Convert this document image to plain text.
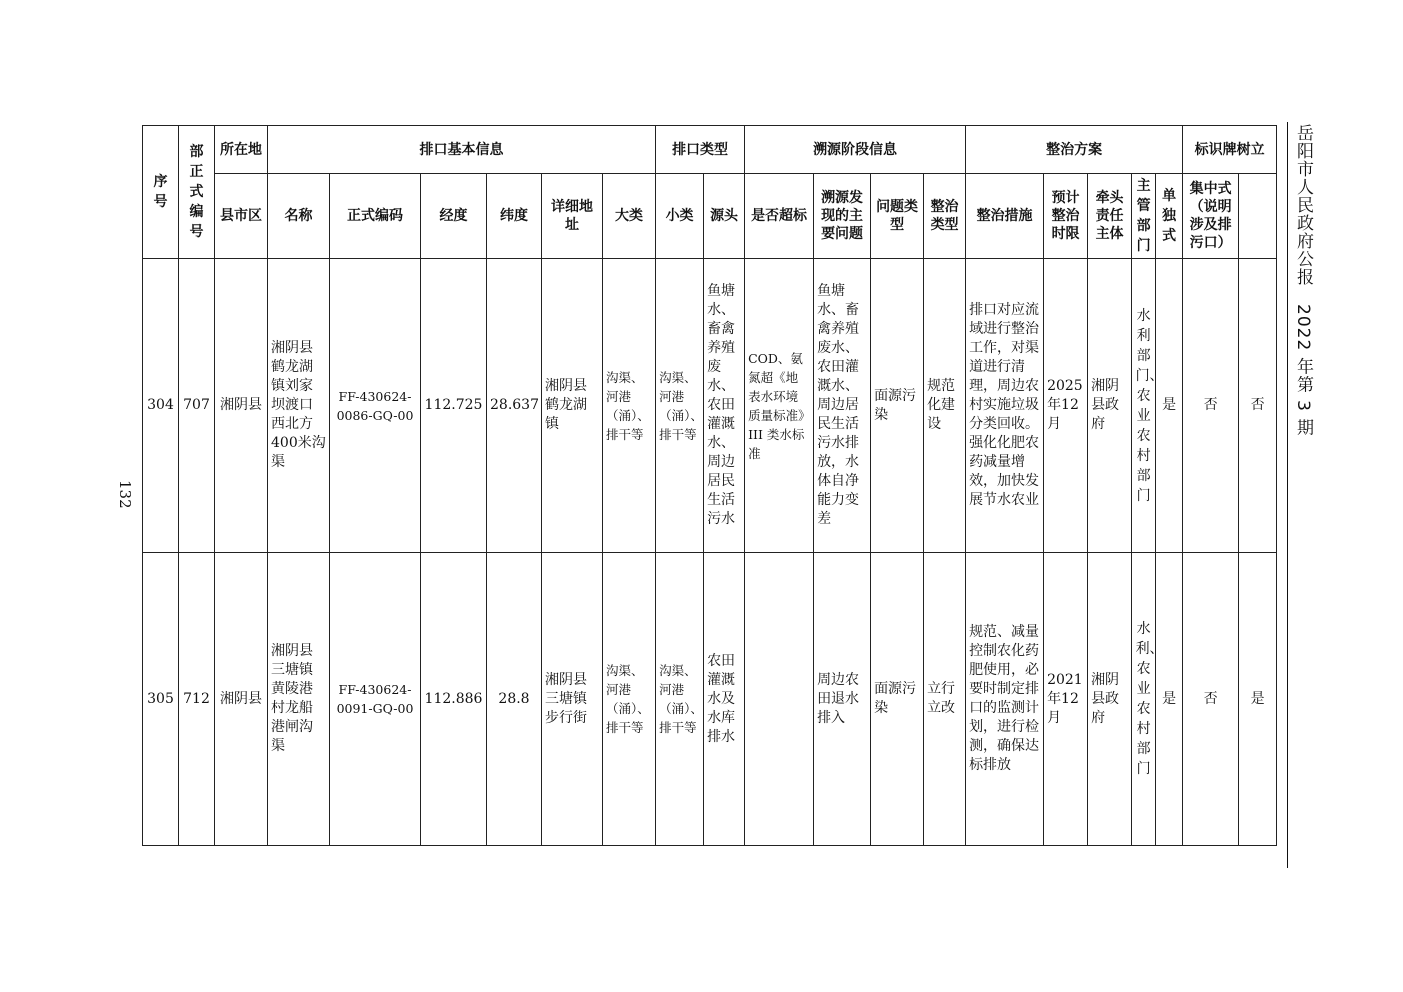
132
序号	部正式编号	所在地	排口基本信息						排口类型		溯源阶段信息				整治方案					标识牌树立	
		县市区	名称	正式编码	经度	纬度	详细地址	大类	小类	源头	是否超标	溯源发现的主要问题	问题类型	整治类型	整治措施	预计整治时限	牵头责任主体	主管部门	单独式	集中式（说明涉及排污口）		
304	707	湘阴县	湘阴县鹤龙湖镇刘家坝渡口西北方400米沟渠	FF-430624-0086-GQ-00	112.725	28.637	湘阴县鹤龙湖镇	沟渠、河港（涌）、排干等	沟渠、河港（涌）、排干等	鱼塘水、畜禽养殖废水、农田灌溉水、周边居民生活污水	COD、氨氮超《地表水环境质量标准》III 类水标准	鱼塘水、畜禽养殖废水、农田灌溉水、周边居民生活污水排放，水体自净能力变差	面源污染	规范化建设	排口对应流域进行整治工作，对渠道进行清理，周边农村实施垃圾分类回收。强化化肥农药减量增效，加快发展节水农业	2025年12月	湘阴县政府	水利部门、农业农村部门	是	否	否	
305	712	湘阴县	湘阴县三塘镇黄陵港村龙船港闸沟渠	FF-430624-0091-GQ-00	112.886	28.8	湘阴县三塘镇步行街	沟渠、河港（涌）、排干等	沟渠、河港（涌）、排干等	农田灌溉水及水库排水		周边农田退水排入	面源污染	立行立改	规范、减量控制农化药肥使用，必要时制定排口的监测计划，进行检测，确保达标排放	2021年12月	湘阴县政府	水利、农业农村部门	是	否	是	
岳阳市人民政府公报　2022 年第 3 期
